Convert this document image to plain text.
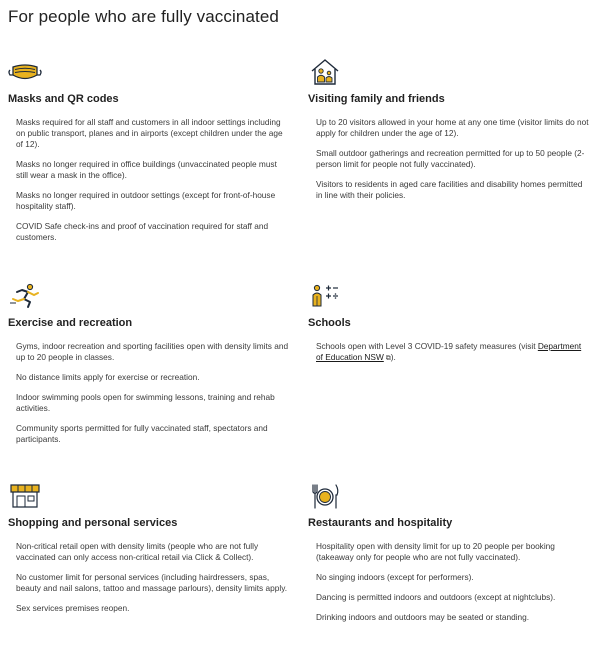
For people who are fully vaccinated
Masks and QR codes

Masks required for all staff and customers in all indoor settings including on public transport, planes and in airports (except children under the age of 12).

Masks no longer required in office buildings (unvaccinated people must still wear a mask in the office).

Masks no longer required in outdoor settings (except for front-of-house hospitality staff).

COVID Safe check-ins and proof of vaccination required for staff and customers.

Visiting family and friends

Up to 20 visitors allowed in your home at any one time (visitor limits do not apply for children under the age of 12).

Small outdoor gatherings and recreation permitted for up to 50 people (2-person limit for people not fully vaccinated).

Visitors to residents in aged care facilities and disability homes permitted in line with their policies.

Exercise and recreation

Gyms, indoor recreation and sporting facilities open with density limits and up to 20 people in classes.

No distance limits apply for exercise or recreation.

Indoor swimming pools open for swimming lessons, training and rehab activities.

Community sports permitted for fully vaccinated staff, spectators and participants.

Schools

Schools open with Level 3 COVID-19 safety measures (visit Department of Education NSW ⧉).

Shopping and personal services

Non-critical retail open with density limits (people who are not fully vaccinated can only access non-critical retail via Click & Collect).

No customer limit for personal services (including hairdressers, spas, beauty and nail salons, tattoo and massage parlours), density limits apply.

Sex services premises reopen.

Restaurants and hospitality

Hospitality open with density limit for up to 20 people per booking (takeaway only for people who are not fully vaccinated).

No singing indoors (except for performers).

Dancing is permitted indoors and outdoors (except at nightclubs).

Drinking indoors and outdoors may be seated or standing.
